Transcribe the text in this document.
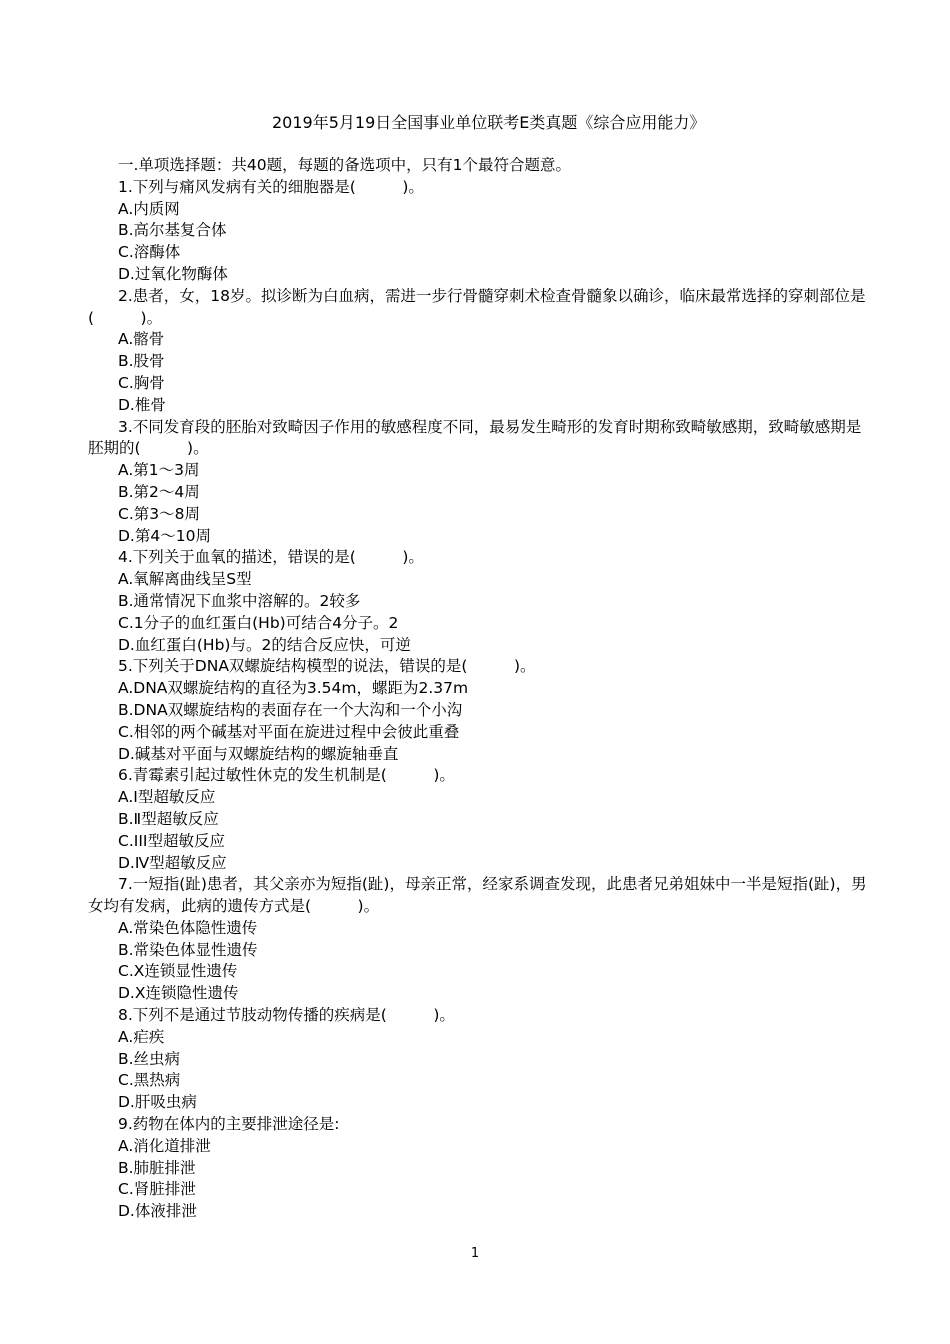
2019年5月19日全国事业单位联考E类真题《综合应用能力》
一.单项选择题：共40题，每题的备选项中，只有1个最符合题意。
1.下列与痛风发病有关的细胞器是(　　　)。
A.内质网
B.高尔基复合体
C.溶酶体
D.过氧化物酶体
2.患者，女，18岁。拟诊断为白血病，需进一步行骨髓穿刺术检查骨髓象以确诊，临床最常选择的穿刺部位是(　　　)。
A.髂骨
B.股骨
C.胸骨
D.椎骨
3.不同发育段的胚胎对致畸因子作用的敏感程度不同，最易发生畸形的发育时期称致畸敏感期，致畸敏感期是胚期的(　　　)。
A.第1～3周
B.第2～4周
C.第3～8周
D.第4～10周
4.下列关于血氧的描述，错误的是(　　　)。
A.氧解离曲线呈S型
B.通常情况下血浆中溶解的。2较多
C.1分子的血红蛋白(Hb)可结合4分子。2
D.血红蛋白(Hb)与。2的结合反应快，可逆
5.下列关于DNA双螺旋结构模型的说法，错误的是(　　　)。
A.DNA双螺旋结构的直径为3.54m，螺距为2.37m
B.DNA双螺旋结构的表面存在一个大沟和一个小沟
C.相邻的两个碱基对平面在旋进过程中会彼此重叠
D.碱基对平面与双螺旋结构的螺旋轴垂直
6.青霉素引起过敏性休克的发生机制是(　　　)。
A.I型超敏反应
B.Ⅱ型超敏反应
C.III型超敏反应
D.Ⅳ型超敏反应
7.一短指(趾)患者，其父亲亦为短指(趾)，母亲正常，经家系调查发现，此患者兄弟姐妹中一半是短指(趾)，男女均有发病，此病的遗传方式是(　　　)。
A.常染色体隐性遗传
B.常染色体显性遗传
C.X连锁显性遗传
D.X连锁隐性遗传
8.下列不是通过节肢动物传播的疾病是(　　　)。
A.疟疾
B.丝虫病
C.黑热病
D.肝吸虫病
9.药物在体内的主要排泄途径是:
A.消化道排泄
B.肺脏排泄
C.肾脏排泄
D.体液排泄
1
